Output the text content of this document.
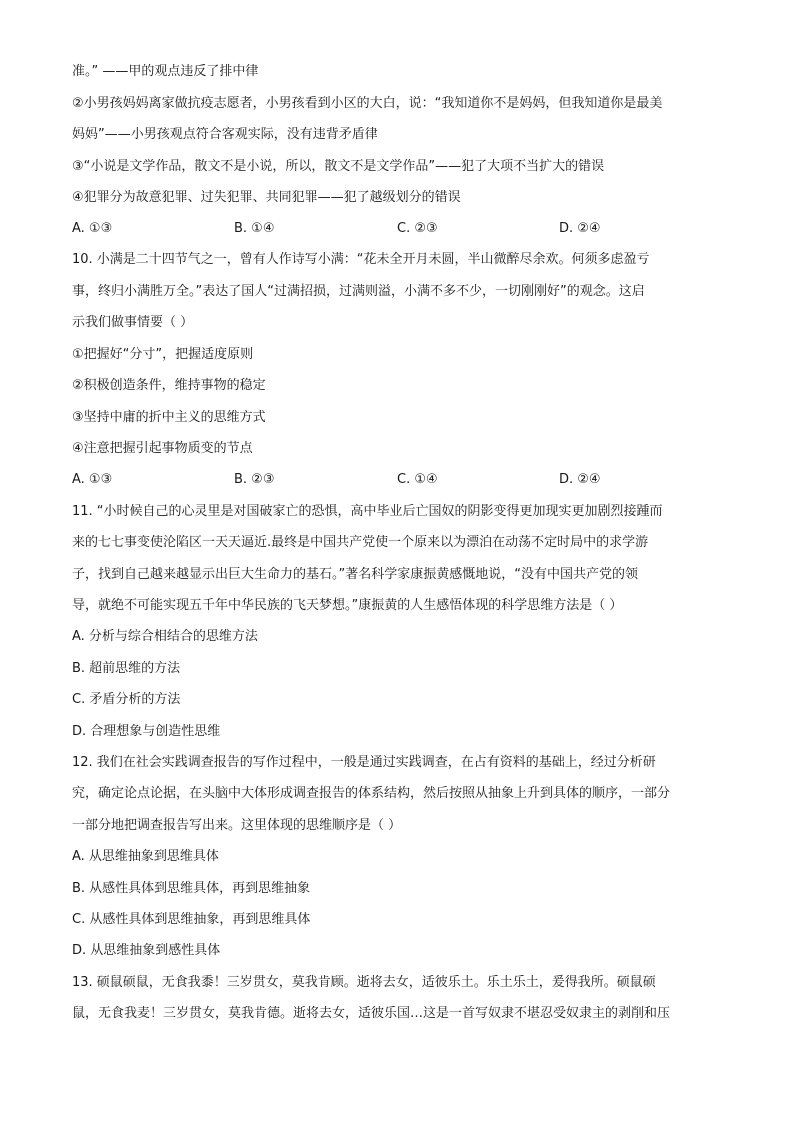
准。” ——甲的观点违反了排中律
②小男孩妈妈离家做抗疫志愿者，小男孩看到小区的大白，说：“我知道你不是妈妈，但我知道你是最美
妈妈”——小男孩观点符合客观实际，没有违背矛盾律
③“小说是文学作品，散文不是小说，所以，散文不是文学作品”——犯了大项不当扩大的错误
④犯罪分为故意犯罪、过失犯罪、共同犯罪——犯了越级划分的错误
A. ①③	B. ①④	C. ②③	D. ②④
10. 小满是二十四节气之一，曾有人作诗写小满：“花未全开月未圆，半山微醉尽余欢。何须多虑盈亏
事，终归小满胜万全。”表达了国人“过满招损，过满则溢，小满不多不少，一切刚刚好”的观念。这启
示我们做事情要（ ）
①把握好“分寸”，把握适度原则
②积极创造条件，维持事物的稳定
③坚持中庸的折中主义的思维方式
④注意把握引起事物质变的节点
A. ①③	B. ②③	C. ①④	D. ②④
11. “小时候自己的心灵里是对国破家亡的恐惧，高中毕业后亡国奴的阴影变得更加现实更加剧烈接踵而
来的七七事变使沦陷区一天天逼近.最终是中国共产党使一个原来以为漂泊在动荡不定时局中的求学游
子，找到自己越来越显示出巨大生命力的基石。”著名科学家康振黄感慨地说，“没有中国共产党的领
导，就绝不可能实现五千年中华民族的飞天梦想。”康振黄的人生感悟体现的科学思维方法是（ ）
A. 分析与综合相结合的思维方法
B. 超前思维的方法
C. 矛盾分析的方法
D. 合理想象与创造性思维
12. 我们在社会实践调查报告的写作过程中，一般是通过实践调查，在占有资料的基础上，经过分析研
究，确定论点论据，在头脑中大体形成调查报告的体系结构，然后按照从抽象上升到具体的顺序，一部分
一部分地把调查报告写出来。这里体现的思维顺序是（ ）
A. 从思维抽象到思维具体
B. 从感性具体到思维具体，再到思维抽象
C. 从感性具体到思维抽象，再到思维具体
D. 从思维抽象到感性具体
13. 硕鼠硕鼠，无食我黍！三岁贯女，莫我肯顾。逝将去女，适彼乐土。乐土乐土，爰得我所。硕鼠硕
鼠，无食我麦！三岁贯女，莫我肯德。逝将去女，适彼乐国…这是一首写奴隶不堪忍受奴隶主的剥削和压
